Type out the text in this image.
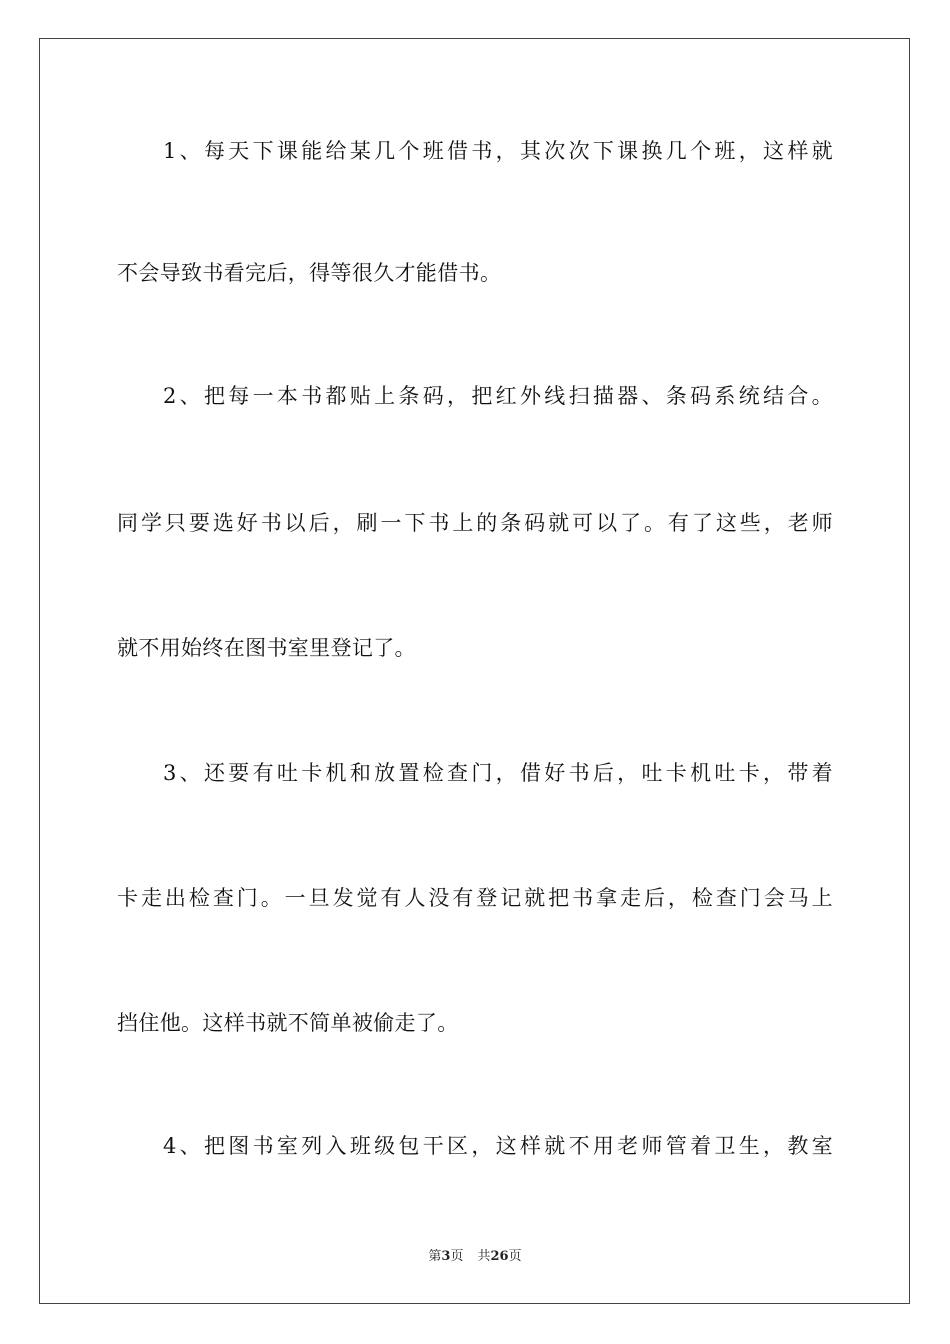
1、每天下课能给某几个班借书，其次次下课换几个班，这样就
不会导致书看完后，得等很久才能借书。
2、把每一本书都贴上条码，把红外线扫描器、条码系统结合。
同学只要选好书以后，刷一下书上的条码就可以了。有了这些，老师
就不用始终在图书室里登记了。
3、还要有吐卡机和放置检查门，借好书后，吐卡机吐卡，带着
卡走出检查门。一旦发觉有人没有登记就把书拿走后，检查门会马上
挡住他。这样书就不简单被偷走了。
4、把图书室列入班级包干区，这样就不用老师管着卫生，教室
第3页 共26页
